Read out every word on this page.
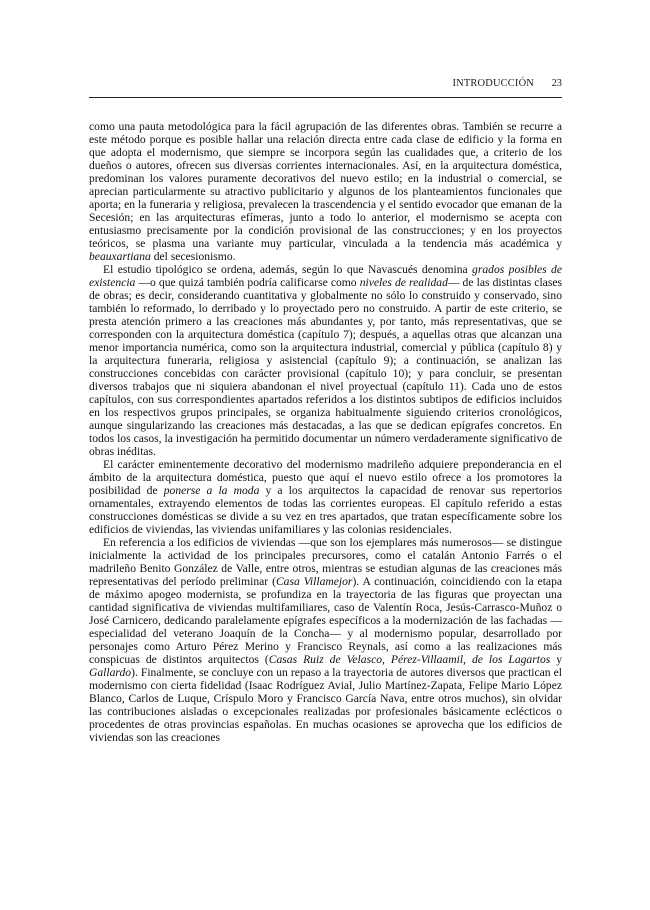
INTRODUCCIÓN 23

como una pauta metodológica para la fácil agrupación de las diferentes obras. También se recurre a este método porque es posible hallar una relación directa entre cada clase de edificio y la forma en que adopta el modernismo, que siempre se incorpora según las cualidades que, a criterio de los dueños o autores, ofrecen sus diversas corrientes internacionales. Así, en la arquitectura doméstica, predominan los valores puramente decorativos del nuevo estilo; en la industrial o comercial, se aprecian particularmente su atractivo publicitario y algunos de los planteamientos funcionales que aporta; en la funeraria y religiosa, prevalecen la trascendencia y el sentido evocador que emanan de la Secesión; en las arquitecturas efímeras, junto a todo lo anterior, el modernismo se acepta con entusiasmo precisamente por la condición provisional de las construcciones; y en los proyectos teóricos, se plasma una variante muy particular, vinculada a la tendencia más académica y beauxartiana del secesionismo.

El estudio tipológico se ordena, además, según lo que Navascués denomina grados posibles de existencia —o que quizá también podría calificarse como niveles de realidad— de las distintas clases de obras; es decir, considerando cuantitativa y globalmente no sólo lo construido y conservado, sino también lo reformado, lo derribado y lo proyectado pero no construido. A partir de este criterio, se presta atención primero a las creaciones más abundantes y, por tanto, más representativas, que se corresponden con la arquitectura doméstica (capítulo 7); después, a aquellas otras que alcanzan una menor importancia numérica, como son la arquitectura industrial, comercial y pública (capítulo 8) y la arquitectura funeraria, religiosa y asistencial (capítulo 9); a continuación, se analizan las construcciones concebidas con carácter provisional (capítulo 10); y para concluir, se presentan diversos trabajos que ni siquiera abandonan el nivel proyectual (capítulo 11). Cada uno de estos capítulos, con sus correspondientes apartados referidos a los distintos subtipos de edificios incluidos en los respectivos grupos principales, se organiza habitualmente siguiendo criterios cronológicos, aunque singularizando las creaciones más destacadas, a las que se dedican epígrafes concretos. En todos los casos, la investigación ha permitido documentar un número verdaderamente significativo de obras inéditas.

El carácter eminentemente decorativo del modernismo madrileño adquiere preponderancia en el ámbito de la arquitectura doméstica, puesto que aquí el nuevo estilo ofrece a los promotores la posibilidad de ponerse a la moda y a los arquitectos la capacidad de renovar sus repertorios ornamentales, extrayendo elementos de todas las corrientes europeas. El capítulo referido a estas construcciones domésticas se divide a su vez en tres apartados, que tratan específicamente sobre los edificios de viviendas, las viviendas unifamiliares y las colonias residenciales.

En referencia a los edificios de viviendas —que son los ejemplares más numerosos— se distingue inicialmente la actividad de los principales precursores, como el catalán Antonio Farrés o el madrileño Benito González de Valle, entre otros, mientras se estudian algunas de las creaciones más representativas del período preliminar (Casa Villamejor). A continuación, coincidiendo con la etapa de máximo apogeo modernista, se profundiza en la trayectoria de las figuras que proyectan una cantidad significativa de viviendas multifamiliares, caso de Valentín Roca, Jesús-Carrasco-Muñoz o José Carnicero, dedicando paralelamente epígrafes específicos a la modernización de las fachadas —especialidad del veterano Joaquín de la Concha— y al modernismo popular, desarrollado por personajes como Arturo Pérez Merino y Francisco Reynals, así como a las realizaciones más conspicuas de distintos arquitectos (Casas Ruiz de Velasco, Pérez-Villaamil, de los Lagartos y Gallardo). Finalmente, se concluye con un repaso a la trayectoria de autores diversos que practican el modernismo con cierta fidelidad (Isaac Rodríguez Avial, Julio Martínez-Zapata, Felipe Mario López Blanco, Carlos de Luque, Críspulo Moro y Francisco García Nava, entre otros muchos), sin olvidar las contribuciones aisladas o excepcionales realizadas por profesionales básicamente eclécticos o procedentes de otras provincias españolas. En muchas ocasiones se aprovecha que los edificios de viviendas son las creaciones
